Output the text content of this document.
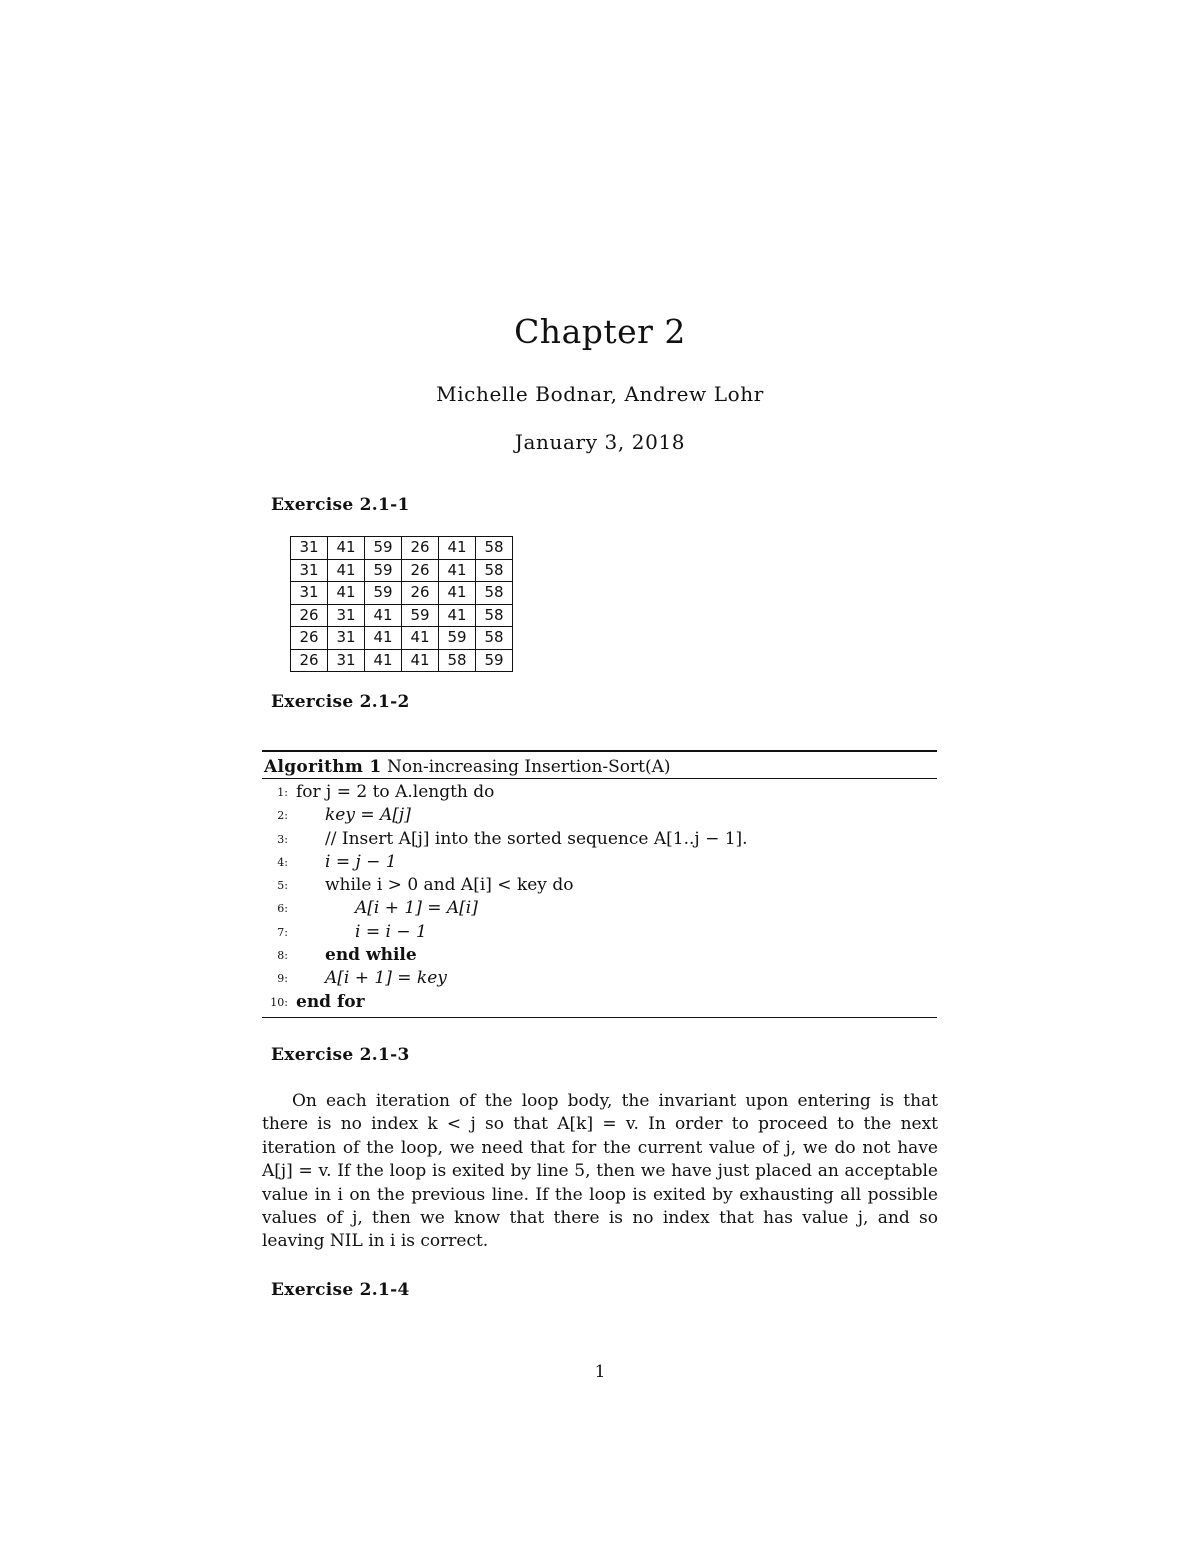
Chapter 2
Michelle Bodnar, Andrew Lohr
January 3, 2018
Exercise 2.1-1
31	41	59	26	41	58
31	41	59	26	41	58
31	41	59	26	41	58
26	31	41	59	41	58
26	31	41	41	59	58
26	31	41	41	58	59
Exercise 2.1-2
Algorithm 1 Non-increasing Insertion-Sort(A)
1: for j = 2 to A.length do
2: key = A[j]
3: // Insert A[j] into the sorted sequence A[1..j − 1].
4: i = j − 1
5: while i > 0 and A[i] < key do
6:	A[i + 1] = A[i]
7:	i = i − 1
8: end while
9: A[i + 1] = key
10: end for
Exercise 2.1-3

On each iteration of the loop body, the invariant upon entering is that there is no index k < j so that A[k] = v. In order to proceed to the next iteration of the loop, we need that for the current value of j, we do not have A[j] = v. If the loop is exited by line 5, then we have just placed an acceptable value in i on the previous line. If the loop is exited by exhausting all possible values of j, then we know that there is no index that has value j, and so leaving NIL in i is correct.

Exercise 2.1-4
1
